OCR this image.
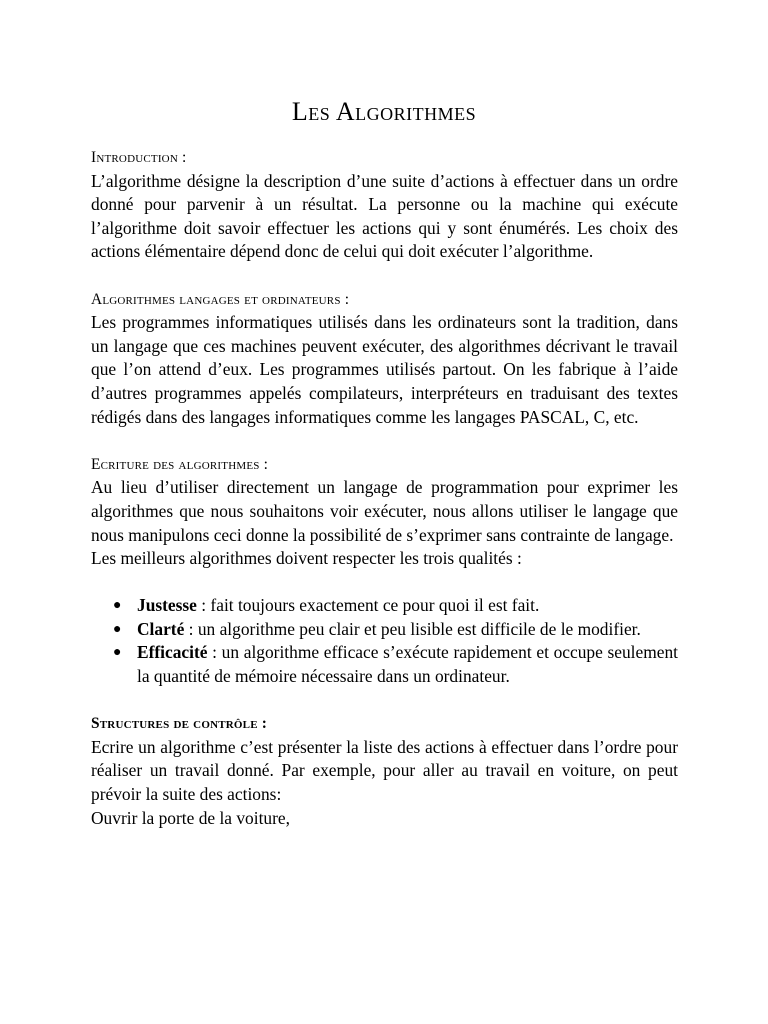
Les Algorithmes
Introduction :

L’algorithme désigne la description d’une suite d’actions à effectuer dans un ordre donné pour parvenir à un résultat. La personne ou la machine qui exécute l’algorithme doit savoir effectuer les actions qui y sont énumérés. Les choix des actions élémentaire dépend donc de celui qui doit exécuter l’algorithme.

Algorithmes langages et ordinateurs :

Les programmes informatiques utilisés dans les ordinateurs sont la tradition, dans un langage que ces machines peuvent exécuter, des algorithmes décrivant le travail que l’on attend d’eux. Les programmes utilisés partout. On les fabrique à l’aide d’autres programmes appelés compilateurs, interpréteurs en traduisant des textes rédigés dans des langages informatiques comme les langages PASCAL, C, etc.

Ecriture des algorithmes :

Au lieu d’utiliser directement un langage de programmation pour exprimer les algorithmes que nous souhaitons voir exécuter, nous allons utiliser le langage que nous manipulons ceci donne la possibilité de s’exprimer sans contrainte de langage.

Les meilleurs algorithmes doivent respecter les trois qualités :

● Justesse : fait toujours exactement ce pour quoi il est fait.
● Clarté : un algorithme peu clair et peu lisible est difficile de le modifier.
● Efficacité : un algorithme efficace s’exécute rapidement et occupe seulement la quantité de mémoire nécessaire dans un ordinateur.
Structures de contrôle :

Ecrire un algorithme c’est présenter la liste des actions à effectuer dans l’ordre pour réaliser un travail donné. Par exemple, pour aller au travail en voiture, on peut prévoir la suite des actions:

Ouvrir la porte de la voiture,
